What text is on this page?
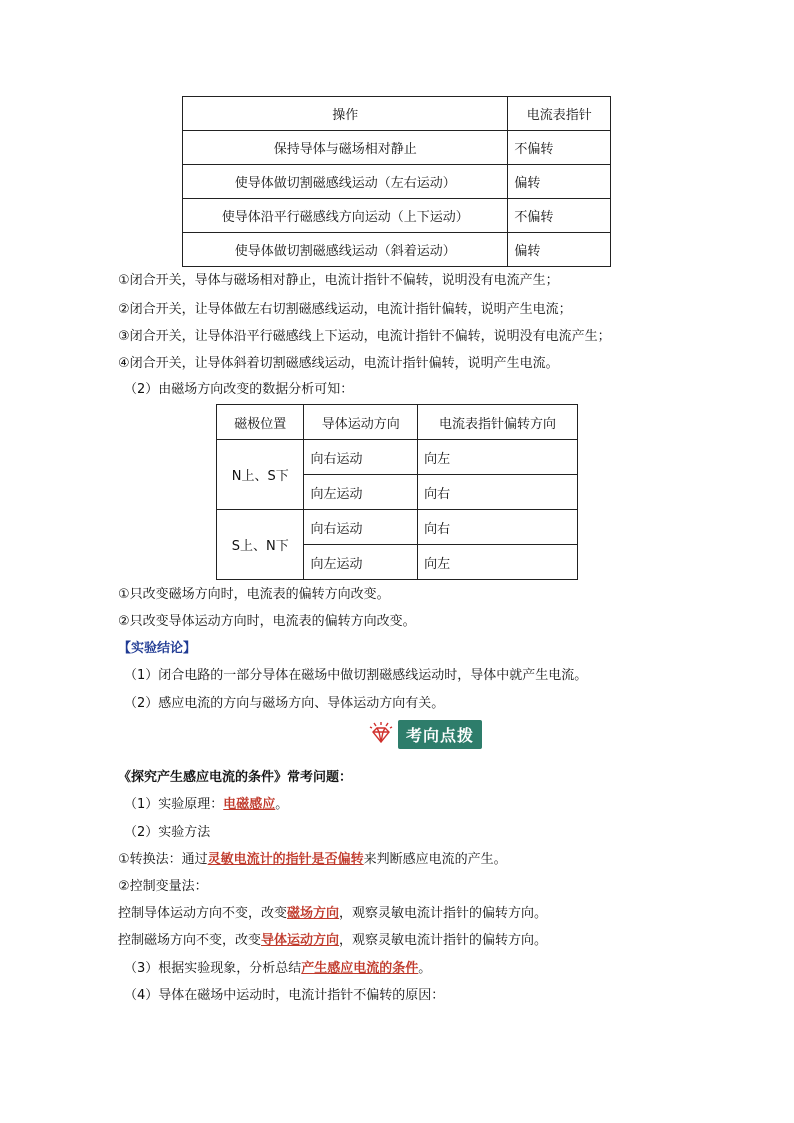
操作	电流表指针
保持导体与磁场相对静止	不偏转
使导体做切割磁感线运动（左右运动）	偏转
使导体沿平行磁感线方向运动（上下运动）	不偏转
使导体做切割磁感线运动（斜着运动）	偏转
①闭合开关，导体与磁场相对静止，电流计指针不偏转，说明没有电流产生；
②闭合开关，让导体做左右切割磁感线运动，电流计指针偏转，说明产生电流；
③闭合开关，让导体沿平行磁感线上下运动，电流计指针不偏转，说明没有电流产生；
④闭合开关，让导体斜着切割磁感线运动，电流计指针偏转，说明产生电流。
（2）由磁场方向改变的数据分析可知：
磁极位置	导体运动方向	电流表指针偏转方向
N上、S下	向右运动	向左
	向左运动	向右
S上、N下	向右运动	向右
	向左运动	向左
①只改变磁场方向时，电流表的偏转方向改变。
②只改变导体运动方向时，电流表的偏转方向改变。
【实验结论】
（1）闭合电路的一部分导体在磁场中做切割磁感线运动时，导体中就产生电流。
（2）感应电流的方向与磁场方向、导体运动方向有关。
考向点拨
《探究产生感应电流的条件》常考问题：
（1）实验原理：电磁感应。
（2）实验方法
①转换法：通过灵敏电流计的指针是否偏转来判断感应电流的产生。
②控制变量法：
控制导体运动方向不变，改变磁场方向，观察灵敏电流计指针的偏转方向。
控制磁场方向不变，改变导体运动方向，观察灵敏电流计指针的偏转方向。
（3）根据实验现象，分析总结产生感应电流的条件。
（4）导体在磁场中运动时，电流计指针不偏转的原因：
